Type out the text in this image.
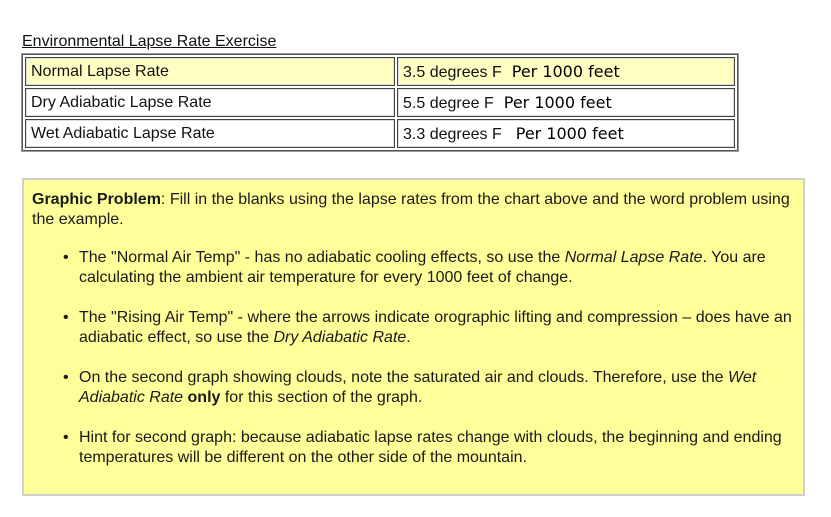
Environmental Lapse Rate Exercise
Normal Lapse Rate	3.5 degrees F Per 1000 feet
Dry Adiabatic Lapse Rate	5.5 degree F Per 1000 feet
Wet Adiabatic Lapse Rate	3.3 degrees F Per 1000 feet

Graphic Problem: Fill in the blanks using the lapse rates from the chart above and the word problem using the example.

• The "Normal Air Temp" - has no adiabatic cooling effects, so use the Normal Lapse Rate. You are calculating the ambient air temperature for every 1000 feet of change.
• The "Rising Air Temp" - where the arrows indicate orographic lifting and compression – does have an adiabatic effect, so use the Dry Adiabatic Rate.
• On the second graph showing clouds, note the saturated air and clouds. Therefore, use the Wet Adiabatic Rate only for this section of the graph.
• Hint for second graph: because adiabatic lapse rates change with clouds, the beginning and ending temperatures will be different on the other side of the mountain.
